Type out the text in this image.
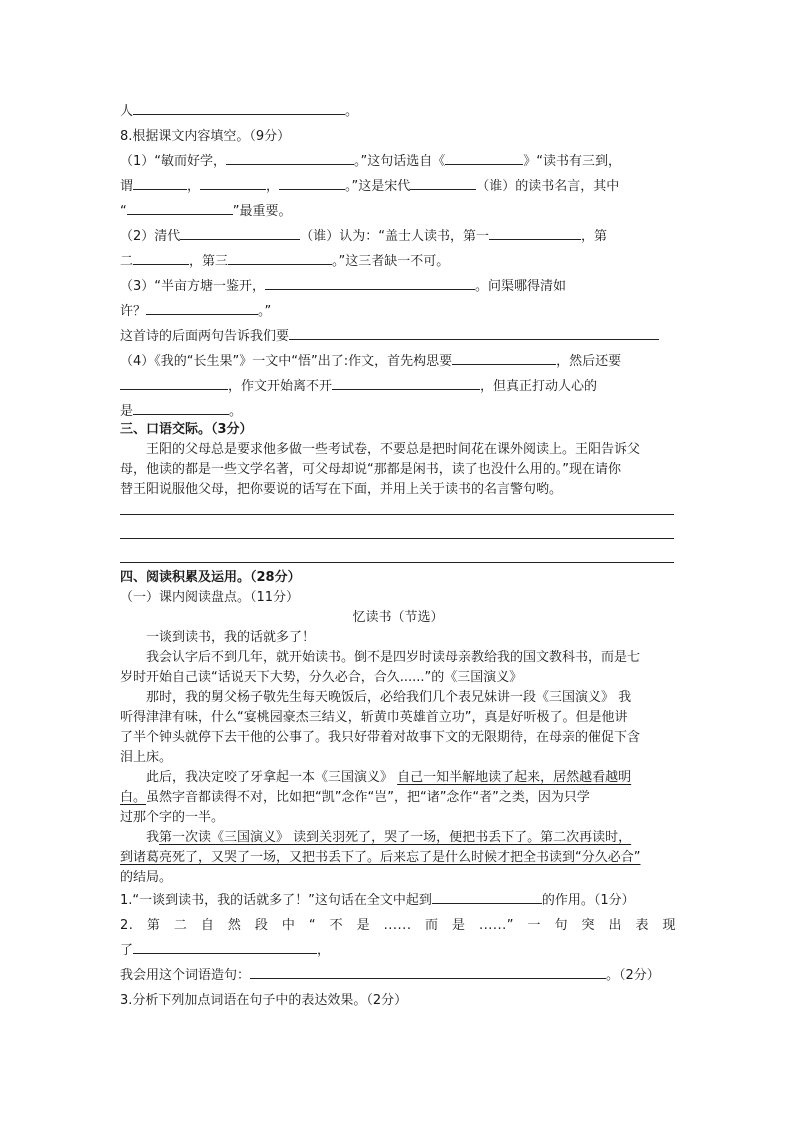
人	。
8.根据课文内容填空。（9分）
（1）“敏而好学，	。”这句话选自《	》“读书有三到，
谓	，	，	。”这是宋代	（谁）的读书名言，其中
“	”最重要。
（2）清代	（谁）认为：“盖士人读书，第一	，第
二	，第三	。”这三者缺一不可。
（3）“半亩方塘一鉴开，	。问渠哪得清如
许？	。”
这首诗的后面两句告诉我们要
（4）《我的“长生果”》一文中“悟”出了:作文，首先构思要	，然后还要
，作文开始离不开	，但真正打动人心的
是	。
三、口语交际。（3分）
王阳的父母总是要求他多做一些考试卷，不要总是把时间花在课外阅读上。王阳告诉父
母，他读的都是一些文学名著，可父母却说“那都是闲书，读了也没什么用的。”现在请你
替王阳说服他父母，把你要说的话写在下面，并用上关于读书的名言警句哟。
四、阅读积累及运用。（28分）
（一）课内阅读盘点。（11分）
忆读书（节选）
一谈到读书，我的话就多了！
我会认字后不到几年，就开始读书。倒不是四岁时读母亲教给我的国文教科书，而是七
岁时开始自己读“话说天下大势，分久必合，合久......”的《三国演义》
那时，我的舅父杨子敬先生每天晚饭后，必给我们几个表兄妹讲一段《三国演义》 我
听得津津有味，什么“宴桃园豪杰三结义，斩黄巾英雄首立功”，真是好听极了。但是他讲
了半个钟头就停下去干他的公事了。我只好带着对故事下文的无限期待，在母亲的催促下含
泪上床。
此后，我决定咬了牙拿起一本《三国演义》 自己一知半解地读了起来，居然越看越明
白。虽然字音都读得不对，比如把“凯”念作“岂”，把“诸”念作“者”之类，因为只学
过那个字的一半。
我第一次读《三国演义》 读到关羽死了，哭了一场，便把书丢下了。第二次再读时，
到诸葛亮死了，又哭了一场，又把书丢下了。后来忘了是什么时候才把全书读到“分久必合”
的结局。
1.“一谈到读书，我的话就多了！”这句话在全文中起到	的作用。（1分）
2.第二自然段中“不是......而是......”一句突出表现
了	，
我会用这个词语造句：	。（2分）
3.分析下列加点词语在句子中的表达效果。（2分）
